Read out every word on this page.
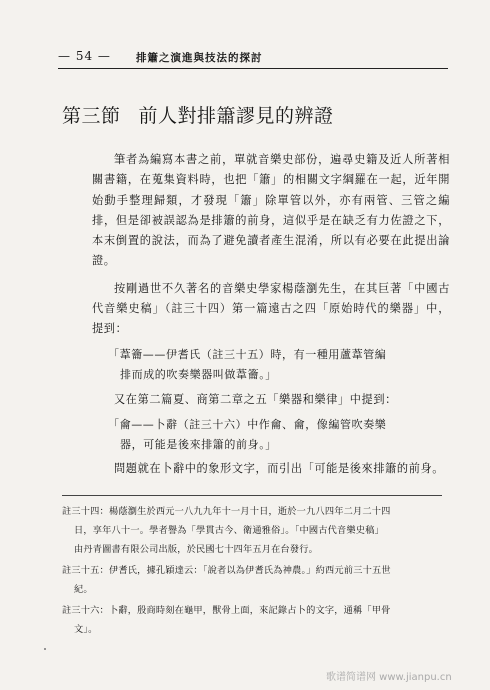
— 54 — 排簫之演進與技法的探討
第三節 前人對排簫謬見的辨證

筆者為編寫本書之前，單就音樂史部份，遍尋史籍及近人所著相關書籍，在蒐集資料時，也把「簫」的相關文字綱羅在一起，近年開始動手整理歸類，才發現「簫」除單管以外，亦有兩管、三管之編排，但是卻被誤認為是排簫的前身，這似乎是在缺乏有力佐證之下，本末倒置的說法，而為了避免讀者產生混淆，所以有必要在此提出論證。

按剛過世不久著名的音樂史學家楊蔭瀏先生，在其巨著「中國古代音樂史稿」（註三十四）第一篇遠古之四「原始時代的樂器」中，提到：

「葦籥——伊耆氏（註三十五）時，有一種用蘆葦管編
排而成的吹奏樂器叫做葦籥。」

又在第二篇夏、商第二章之五「樂器和樂律」中提到：

「龠——卜辭（註三十六）中作龠、龠，像編管吹奏樂
器，可能是後來排簫的前身。」

問題就在卜辭中的象形文字，而引出「可能是後來排簫的前身。

註三十四：楊蔭瀏生於西元一八九九年十一月十日，逝於一九八四年二月二十四
日，享年八十一。學者譽為「學貫古今、衛通雅俗」。「中國古代音樂史稿」
由丹青圖書有限公司出版，於民國七十四年五月在台發行。
註三十五：伊耆氏，據孔穎達云：「說者以為伊耆氏為神農。」約西元前三十五世
紀。
註三十六：卜辭，殷商時刻在龜甲，獸骨上面，來記錄占卜的文字，通稱「甲骨
文」。
歌谱简谱网 www.jianpu.cn
